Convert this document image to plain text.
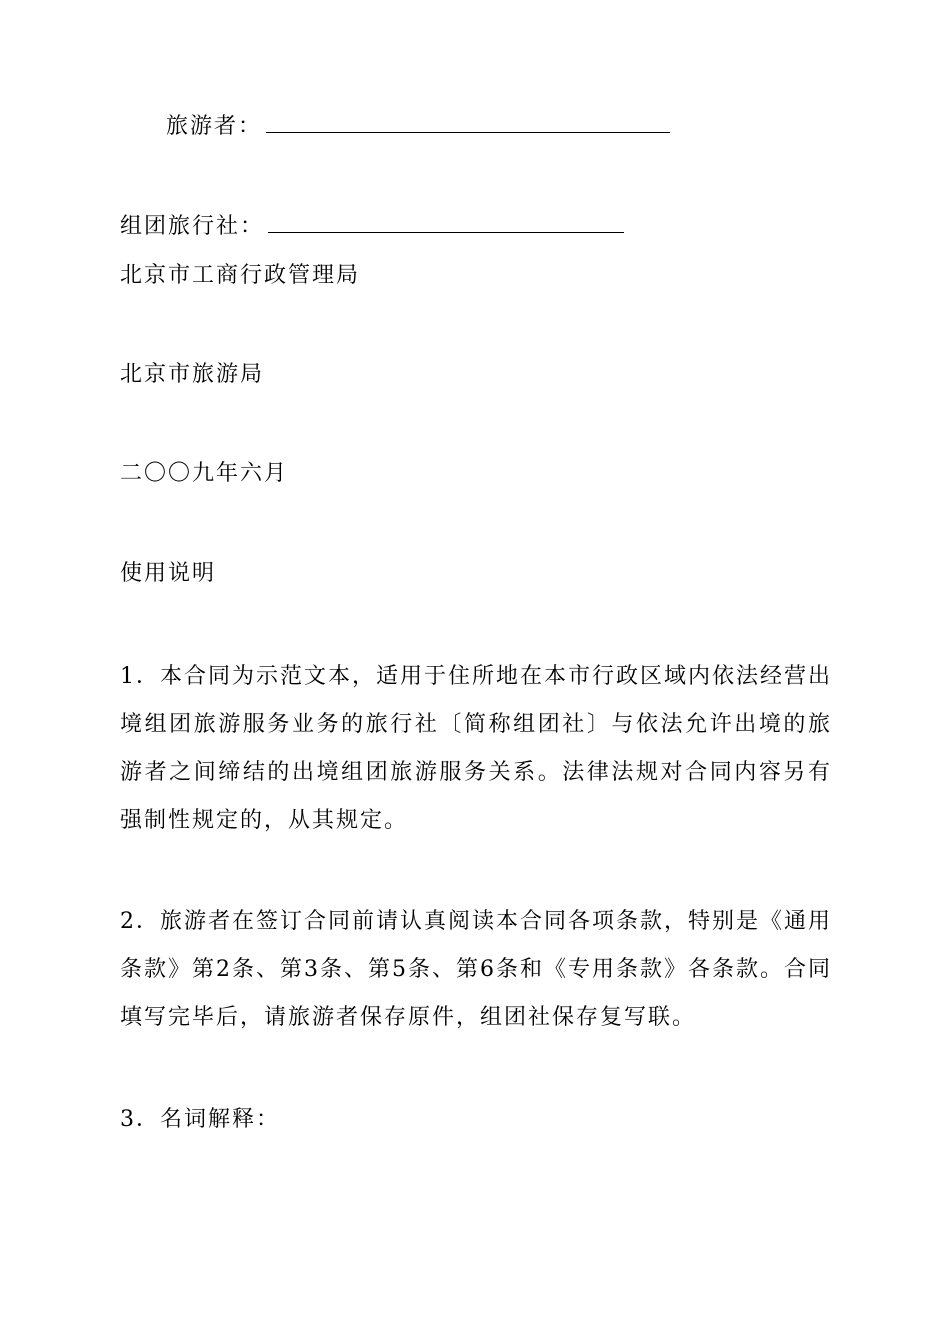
旅游者：
组团旅行社：
北京市工商行政管理局
北京市旅游局
二〇〇九年六月
使用说明
1．本合同为示范文本，适用于住所地在本市行政区域内依法经营出境组团旅游服务业务的旅行社〔简称组团社〕与依法允许出境的旅游者之间缔结的出境组团旅游服务关系。法律法规对合同内容另有强制性规定的，从其规定。
2．旅游者在签订合同前请认真阅读本合同各项条款，特别是《通用条款》第2条、第3条、第5条、第6条和《专用条款》各条款。合同填写完毕后，请旅游者保存原件，组团社保存复写联。
3．名词解释：
